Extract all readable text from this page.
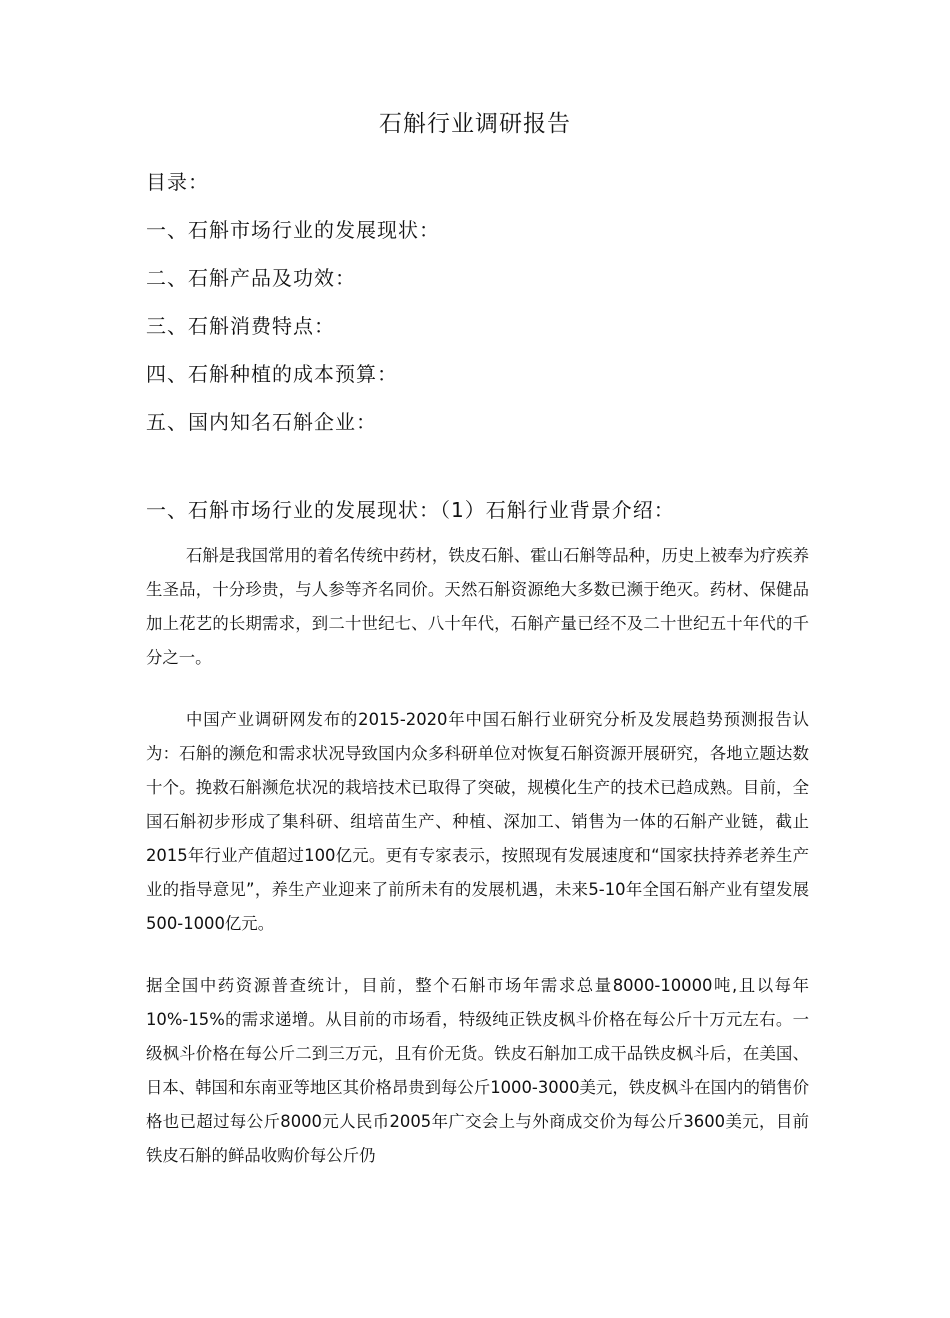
石斛行业调研报告
目录：
一、石斛市场行业的发展现状：
二、石斛产品及功效：
三、石斛消费特点：
四、石斛种植的成本预算：
五、国内知名石斛企业：
一、石斛市场行业的发展现状：（1）石斛行业背景介绍：

石斛是我国常用的着名传统中药材，铁皮石斛、霍山石斛等品种，历史上被奉为疗疾养生圣品，十分珍贵，与人参等齐名同价。天然石斛资源绝大多数已濒于绝灭。药材、保健品加上花艺的长期需求，到二十世纪七、八十年代，石斛产量已经不及二十世纪五十年代的千分之一。

中国产业调研网发布的2015-2020年中国石斛行业研究分析及发展趋势预测报告认为：石斛的濒危和需求状况导致国内众多科研单位对恢复石斛资源开展研究，各地立题达数十个。挽救石斛濒危状况的栽培技术已取得了突破，规模化生产的技术已趋成熟。目前，全国石斛初步形成了集科研、组培苗生产、种植、深加工、销售为一体的石斛产业链，截止2015年行业产值超过100亿元。更有专家表示，按照现有发展速度和“国家扶持养老养生产业的指导意见”，养生产业迎来了前所未有的发展机遇，未来5-10年全国石斛产业有望发展500-1000亿元。

据全国中药资源普查统计，目前，整个石斛市场年需求总量8000-10000吨,且以每年10%-15%的需求递增。从目前的市场看，特级纯正铁皮枫斗价格在每公斤十万元左右。一级枫斗价格在每公斤二到三万元，且有价无货。铁皮石斛加工成干品铁皮枫斗后，在美国、日本、韩国和东南亚等地区其价格昂贵到每公斤1000-3000美元，铁皮枫斗在国内的销售价格也已超过每公斤8000元人民币2005年广交会上与外商成交价为每公斤3600美元，目前铁皮石斛的鲜品收购价每公斤仍
